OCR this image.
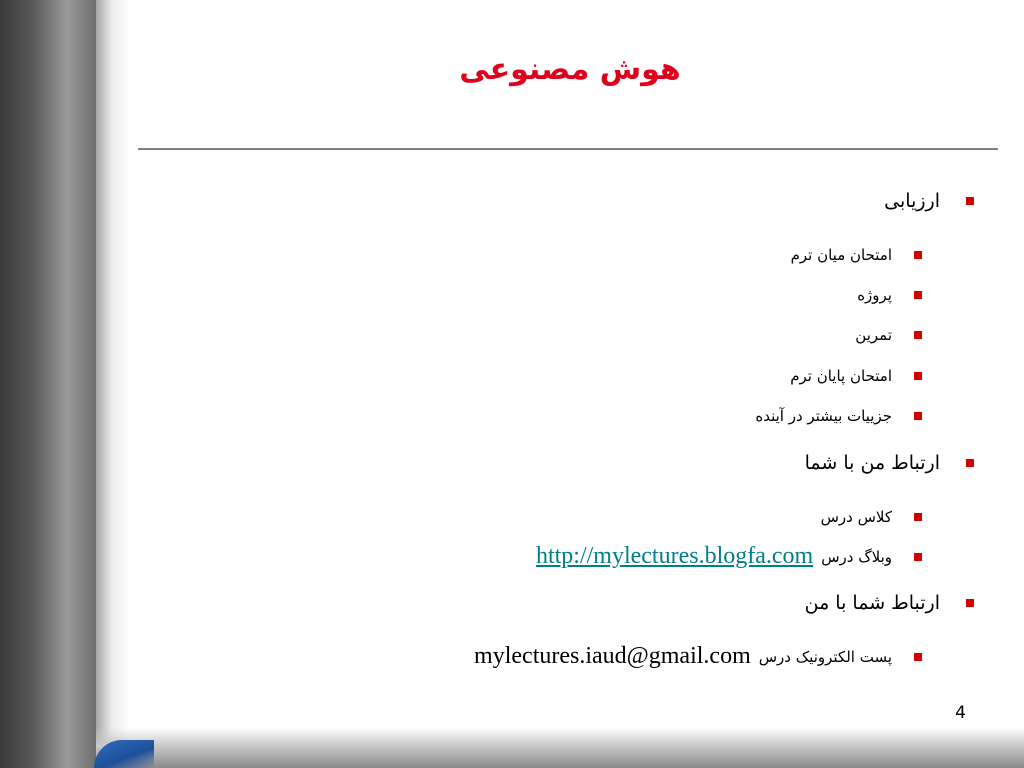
هوش مصنوعی
ارزیابی
امتحان میان ترم
پروژه
تمرین
امتحان پایان ترم
جزییات بیشتر در آینده
ارتباط من با شما
کلاس درس
وبلاگ درس
http://mylectures.blogfa.com
ارتباط شما با من
پست الکترونیک درس
mylectures.iaud@gmail.com
4
